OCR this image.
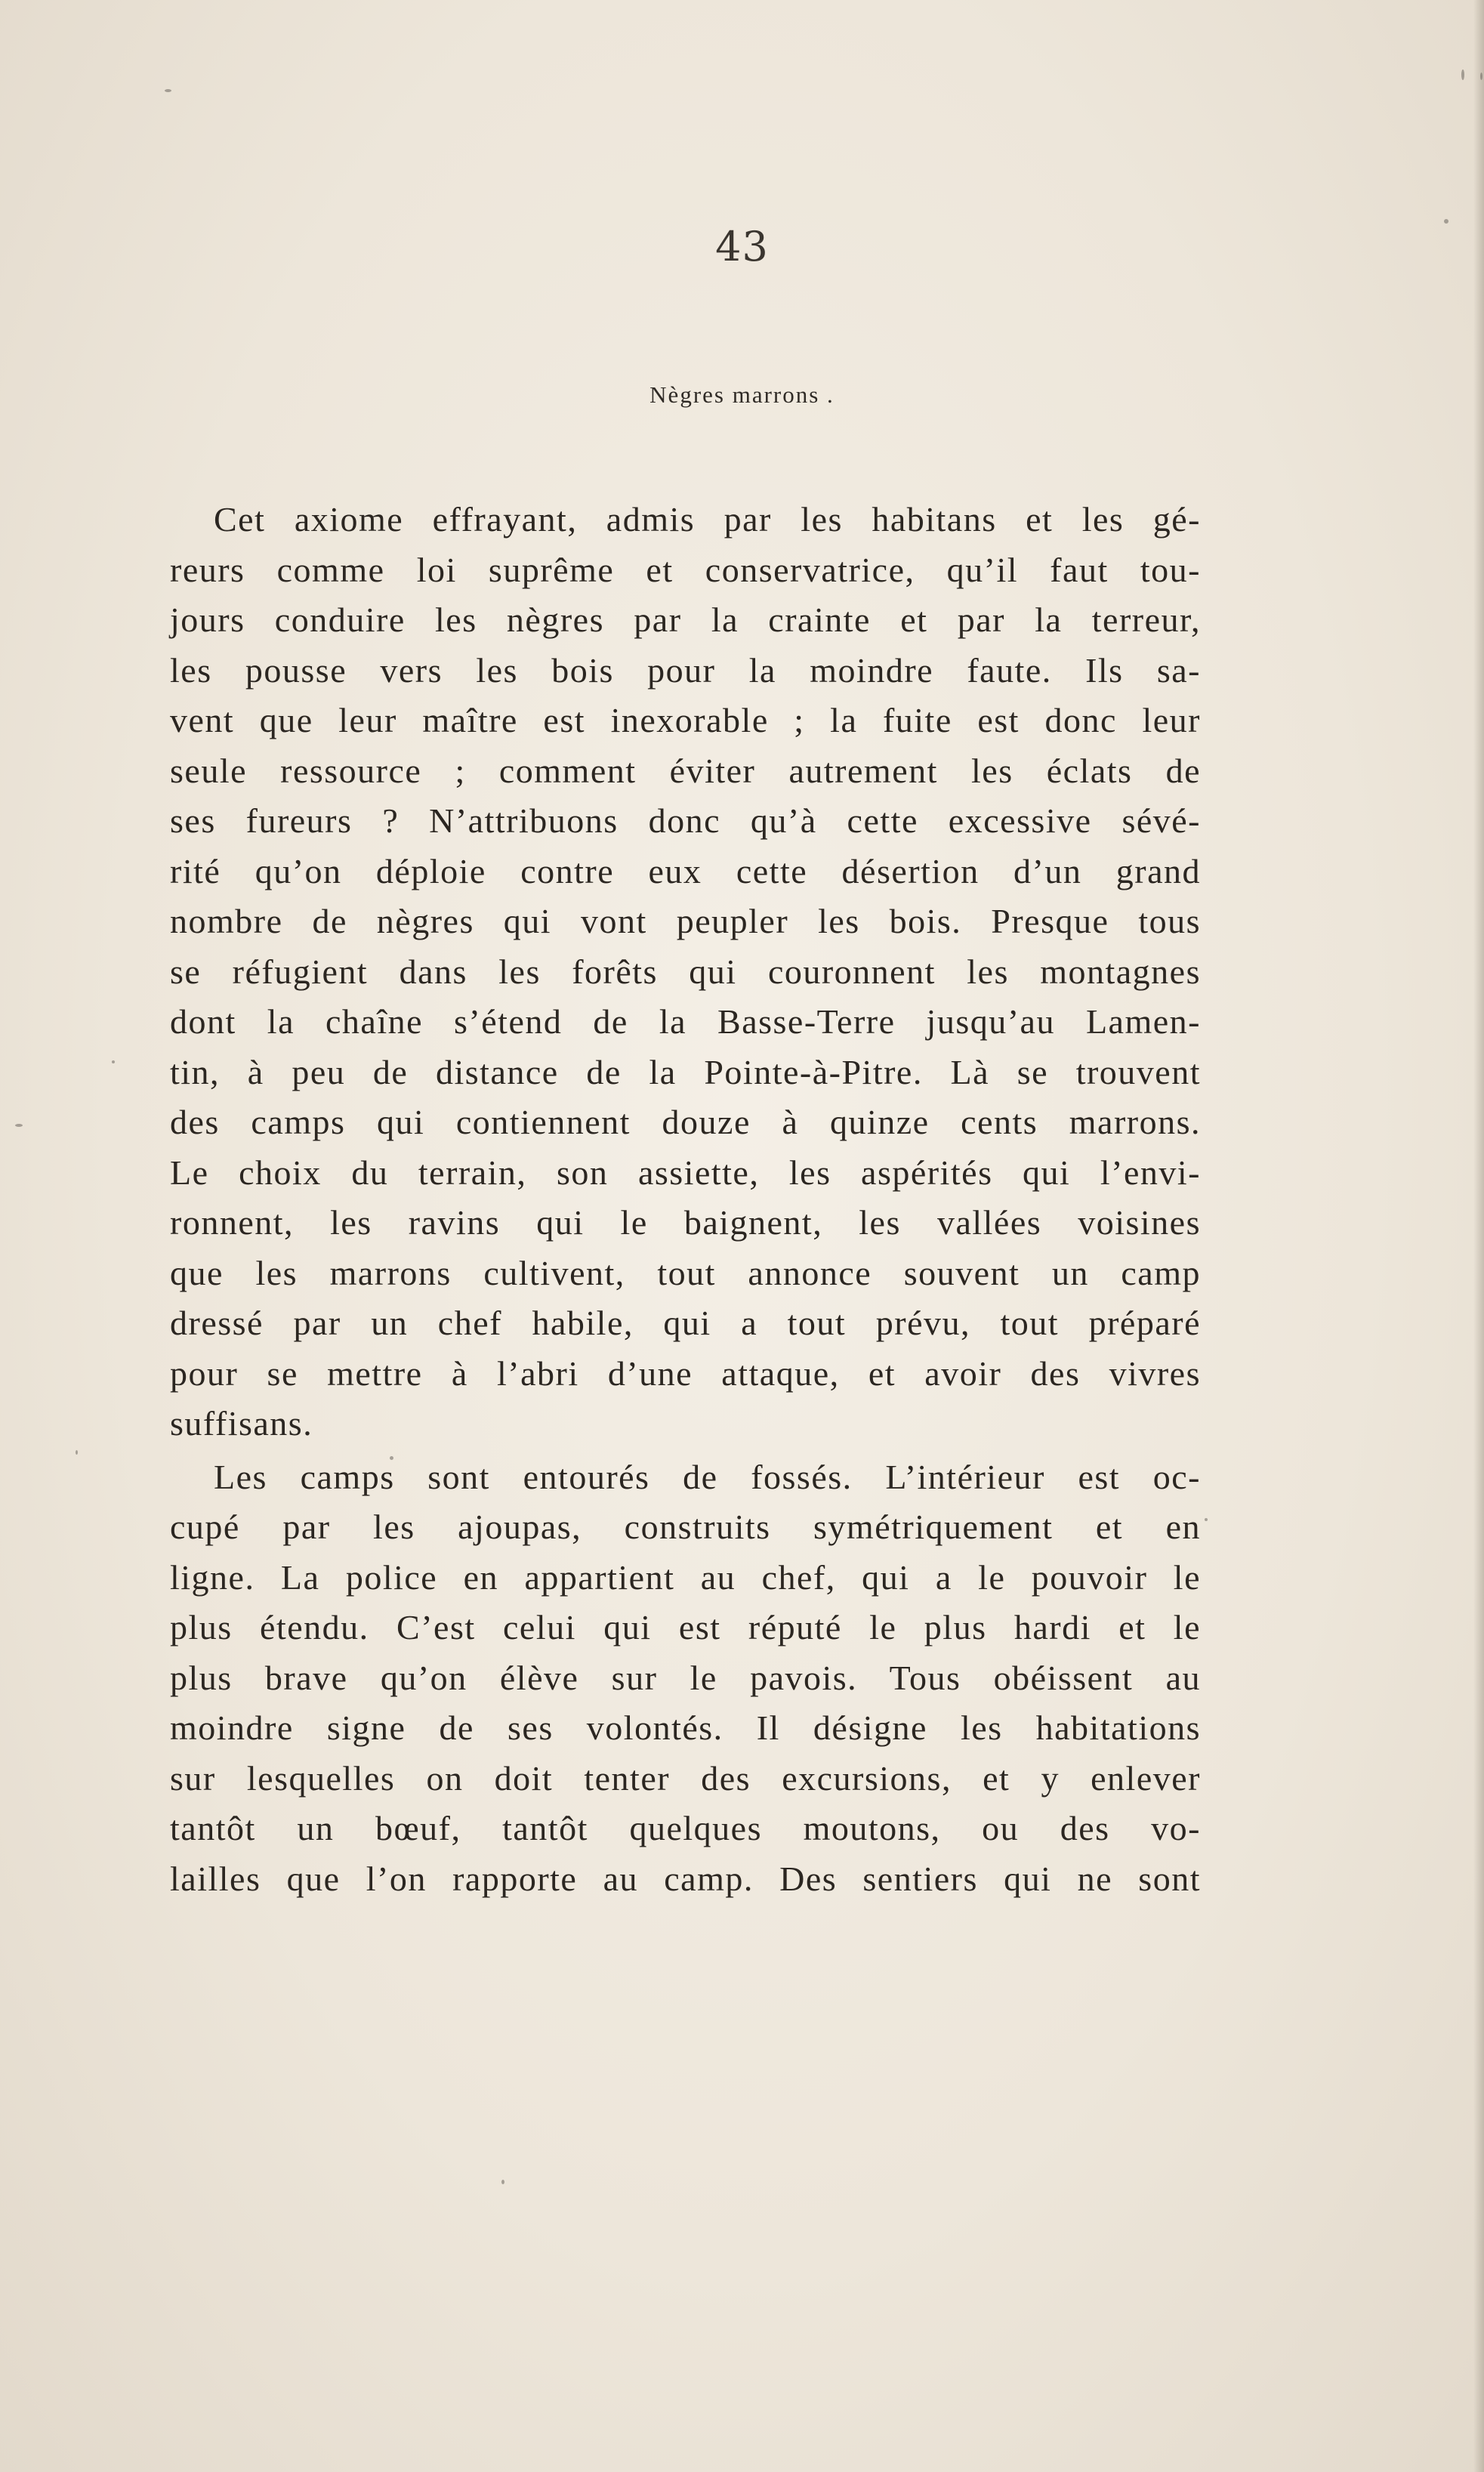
43
Nègres marrons .
Cet axiome effrayant, admis par les habitans et les gé-
reurs comme loi suprême et conservatrice, qu’il faut tou-
jours conduire les nègres par la crainte et par la terreur,
les pousse vers les bois pour la moindre faute. Ils sa-
vent que leur maître est inexorable ; la fuite est donc leur
seule ressource ; comment éviter autrement les éclats de
ses fureurs ? N’attribuons donc qu’à cette excessive sévé-
rité qu’on déploie contre eux cette désertion d’un grand
nombre de nègres qui vont peupler les bois. Presque tous
se réfugient dans les forêts qui couronnent les montagnes
dont la chaîne s’étend de la Basse-Terre jusqu’au Lamen-
tin, à peu de distance de la Pointe-à-Pitre. Là se trouvent
des camps qui contiennent douze à quinze cents marrons.
Le choix du terrain, son assiette, les aspérités qui l’envi-
ronnent, les ravins qui le baignent, les vallées voisines
que les marrons cultivent, tout annonce souvent un camp
dressé par un chef habile, qui a tout prévu, tout préparé
pour se mettre à l’abri d’une attaque, et avoir des vivres
suffisans.
Les camps sont entourés de fossés. L’intérieur est oc-
cupé par les ajoupas, construits symétriquement et en
ligne. La police en appartient au chef, qui a le pouvoir le
plus étendu. C’est celui qui est réputé le plus hardi et le
plus brave qu’on élève sur le pavois. Tous obéissent au
moindre signe de ses volontés. Il désigne les habitations
sur lesquelles on doit tenter des excursions, et y enlever
tantôt un bœuf, tantôt quelques moutons, ou des vo-
lailles que l’on rapporte au camp. Des sentiers qui ne sont
